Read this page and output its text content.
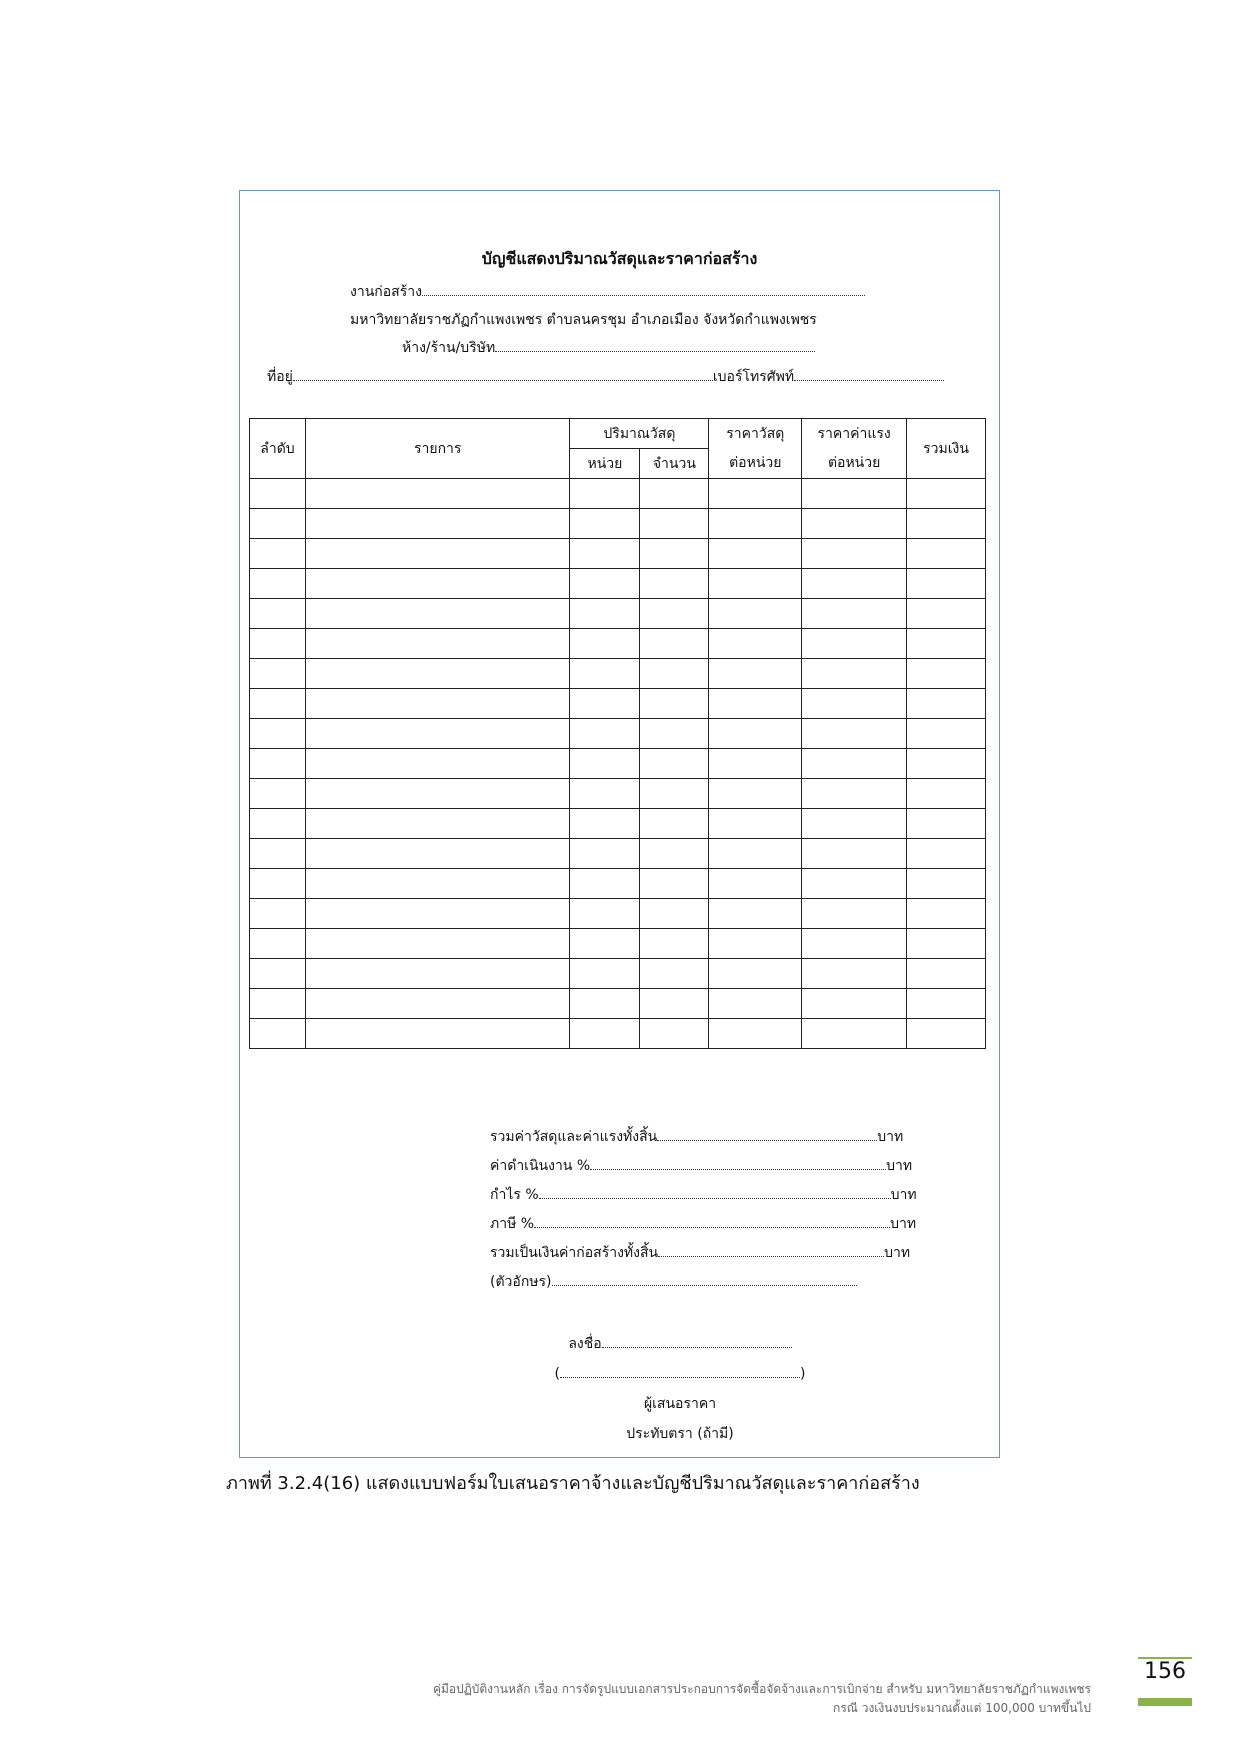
บัญชีแสดงปริมาณวัสดุและราคาก่อสร้าง
งานก่อสร้าง
มหาวิทยาลัยราชภัฏกำแพงเพชร ตำบลนครชุม อำเภอเมือง จังหวัดกำแพงเพชร
ห้าง/ร้าน/บริษัท
ที่อยู่	เบอร์โทรศัพท์
ลำดับ	รายการ	ปริมาณวัสดุ		ราคาวัสดุ	ราคาค่าแรง	รวมเงิน
		หน่วย	จำนวน	ต่อหน่วย	ต่อหน่วย	

รวมค่าวัสดุและค่าแรงทั้งสิ้น	บาท
ค่าดำเนินงาน %	บาท
กำไร %	บาท
ภาษี %	บาท
รวมเป็นเงินค่าก่อสร้างทั้งสิ้น	บาท
(ตัวอักษร)
ลงชื่อ
(	)
ผู้เสนอราคา
ประทับตรา (ถ้ามี)
ภาพที่ 3.2.4(16) แสดงแบบฟอร์มใบเสนอราคาจ้างและบัญชีปริมาณวัสดุและราคาก่อสร้าง
คู่มือปฏิบัติงานหลัก เรื่อง การจัดรูปแบบเอกสารประกอบการจัดซื้อจัดจ้างและการเบิกจ่าย สำหรับ มหาวิทยาลัยราชภัฏกำแพงเพชร
กรณี วงเงินงบประมาณตั้งแต่ 100,000 บาทขึ้นไป
156
